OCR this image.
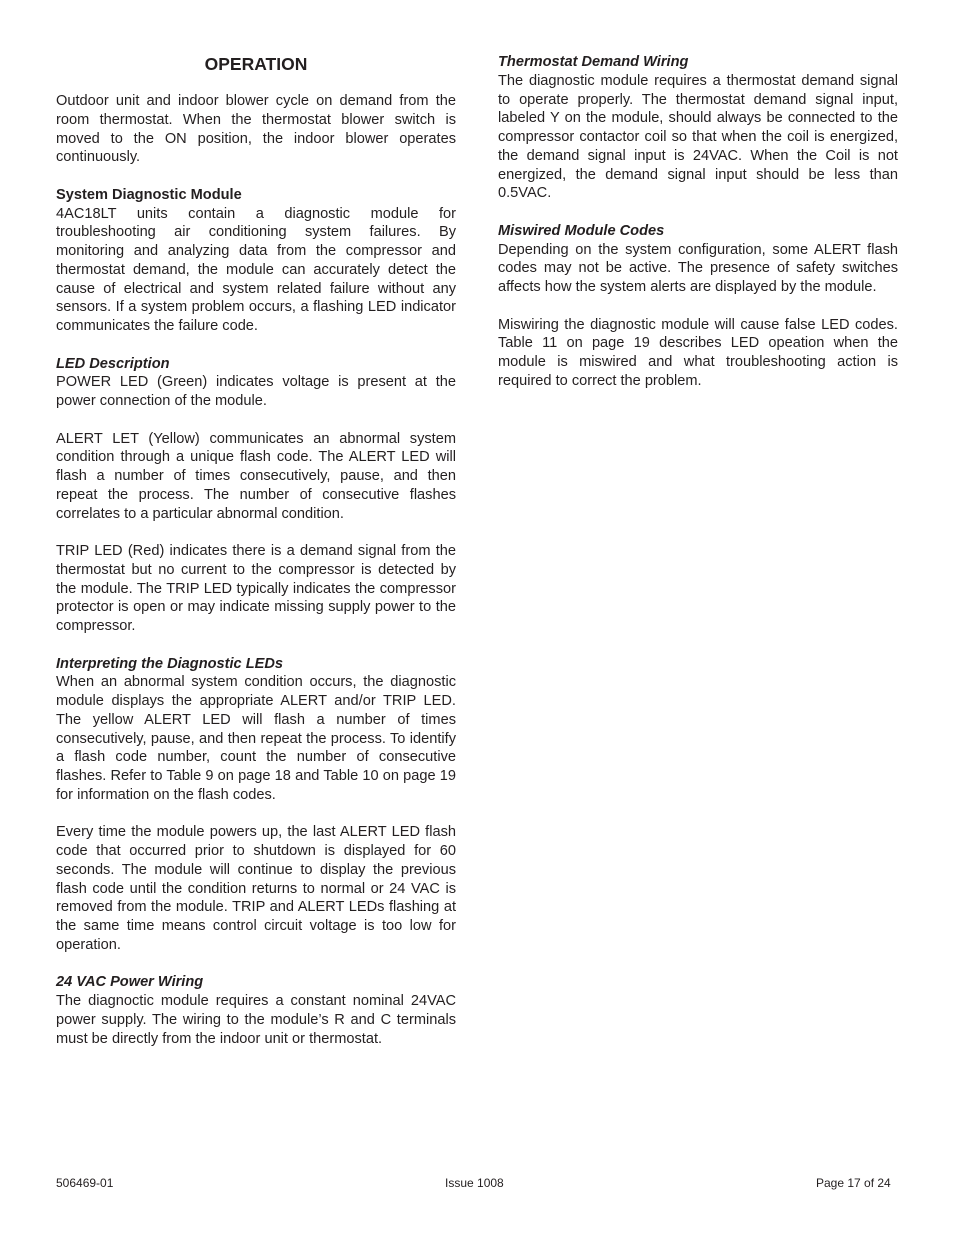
OPERATION

Outdoor unit and indoor blower cycle on demand from the room thermostat. When the thermostat blower switch is moved to the ON position, the indoor blower operates continuously.

System Diagnostic Module

4AC18LT units contain a diagnostic module for troubleshooting air conditioning system failures. By monitoring and analyzing data from the compressor and thermostat demand, the module can accurately detect the cause of electrical and system related failure without any sensors. If a system problem occurs, a flashing LED indicator communicates the failure code.

LED Description

POWER LED (Green) indicates voltage is present at the power connection of the module.

ALERT LET (Yellow) communicates an abnormal system condition through a unique flash code. The ALERT LED will flash a number of times consecutively, pause, and then repeat the process. The number of consecutive flashes correlates to a particular abnormal condition.

TRIP LED (Red) indicates there is a demand signal from the thermostat but no current to the compressor is detected by the module. The TRIP LED typically indicates the compressor protector is open or may indicate missing supply power to the compressor.

Interpreting the Diagnostic LEDs

When an abnormal system condition occurs, the diagnostic module displays the appropriate ALERT and/or TRIP LED. The yellow ALERT LED will flash a number of times consecutively, pause, and then repeat the process. To identify a flash code number, count the number of consecutive flashes. Refer to Table 9 on page 18 and Table 10 on page 19 for information on the flash codes.

Every time the module powers up, the last ALERT LED flash code that occurred prior to shutdown is displayed for 60 seconds. The module will continue to display the previous flash code until the condition returns to normal or 24 VAC is removed from the module. TRIP and ALERT LEDs flashing at the same time means control circuit voltage is too low for operation.

24 VAC Power Wiring

The diagnoctic module requires a constant nominal 24VAC power supply. The wiring to the module’s R and C terminals must be directly from the indoor unit or thermostat.

Thermostat Demand Wiring

The diagnostic module requires a thermostat demand signal to operate properly. The thermostat demand signal input, labeled Y on the module, should always be connected to the compressor contactor coil so that when the coil is energized, the demand signal input is 24VAC. When the Coil is not energized, the demand signal input should be less than 0.5VAC.

Miswired Module Codes

Depending on the system configuration, some ALERT flash codes may not be active. The presence of safety switches affects how the system alerts are displayed by the module.

Miswiring the diagnostic module will cause false LED codes. Table 11 on page 19 describes LED opeation when the module is miswired and what troubleshooting action is required to correct the problem.

506469-01	Issue 1008	Page 17 of 24
